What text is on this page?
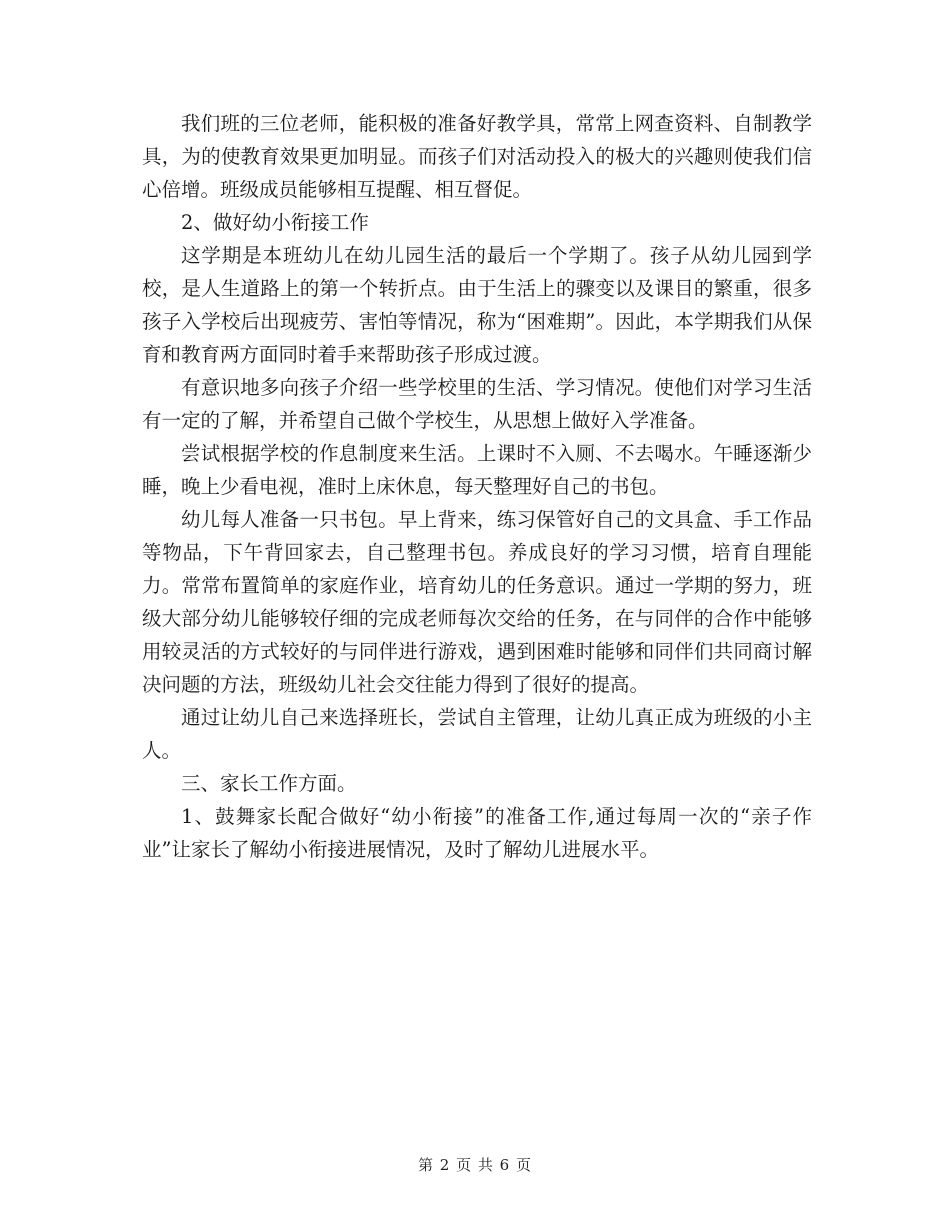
我们班的三位老师，能积极的准备好教学具，常常上网查资料、自制教学具，为的使教育效果更加明显。而孩子们对活动投入的极大的兴趣则使我们信心倍增。班级成员能够相互提醒、相互督促。

2、做好幼小衔接工作

这学期是本班幼儿在幼儿园生活的最后一个学期了。孩子从幼儿园到学校，是人生道路上的第一个转折点。由于生活上的骤变以及课目的繁重，很多孩子入学校后出现疲劳、害怕等情况，称为“困难期”。因此，本学期我们从保育和教育两方面同时着手来帮助孩子形成过渡。

有意识地多向孩子介绍一些学校里的生活、学习情况。使他们对学习生活有一定的了解，并希望自己做个学校生，从思想上做好入学准备。

尝试根据学校的作息制度来生活。上课时不入厕、不去喝水。午睡逐渐少睡，晚上少看电视，准时上床休息，每天整理好自己的书包。

幼儿每人准备一只书包。早上背来，练习保管好自己的文具盒、手工作品等物品，下午背回家去，自己整理书包。养成良好的学习习惯，培育自理能力。常常布置简单的家庭作业，培育幼儿的任务意识。通过一学期的努力，班级大部分幼儿能够较仔细的完成老师每次交给的任务，在与同伴的合作中能够用较灵活的方式较好的与同伴进行游戏，遇到困难时能够和同伴们共同商讨解决问题的方法，班级幼儿社会交往能力得到了很好的提高。

通过让幼儿自己来选择班长，尝试自主管理，让幼儿真正成为班级的小主人。

三、家长工作方面。

1、鼓舞家长配合做好“幼小衔接”的准备工作,通过每周一次的“亲子作业”让家长了解幼小衔接进展情况，及时了解幼儿进展水平。

第 2 页 共 6 页
